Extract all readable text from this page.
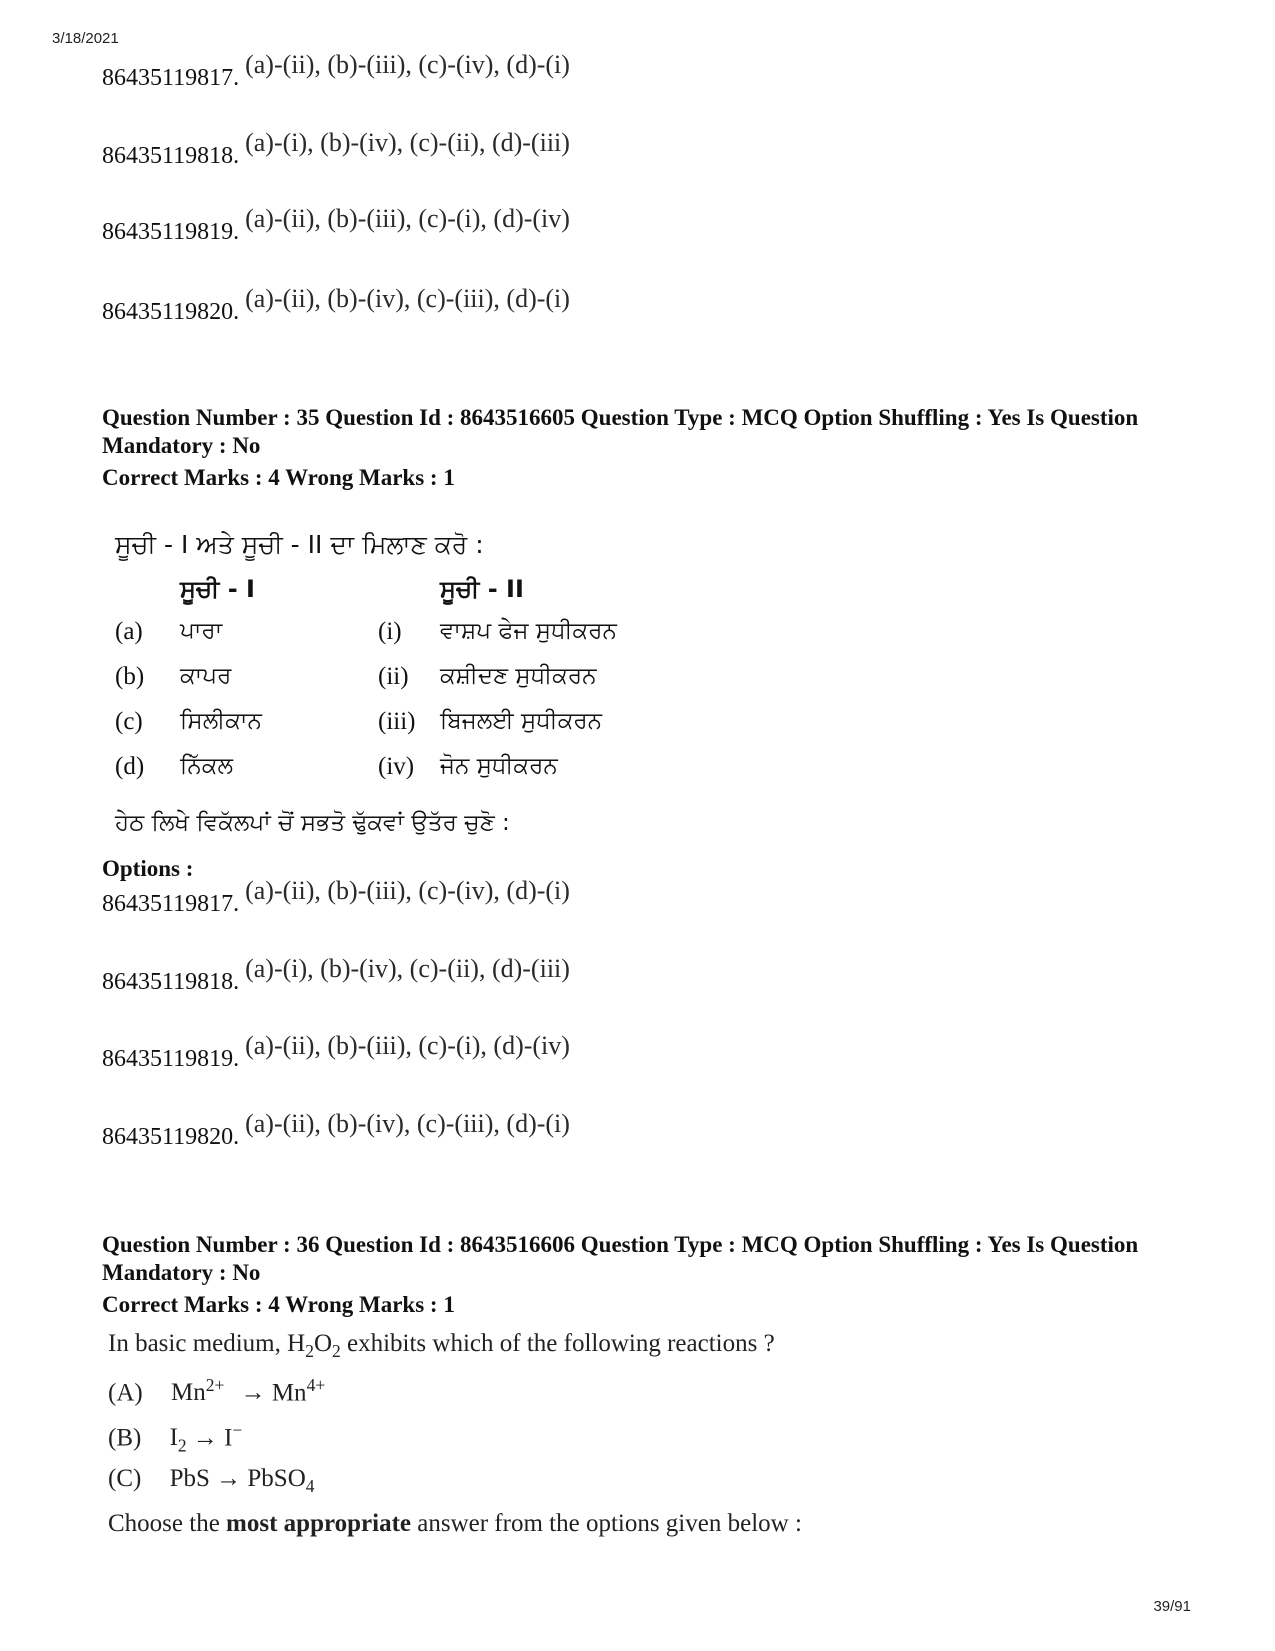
3/18/2021
86435119817. (a)-(ii), (b)-(iii), (c)-(iv), (d)-(i)
86435119818. (a)-(i), (b)-(iv), (c)-(ii), (d)-(iii)
86435119819. (a)-(ii), (b)-(iii), (c)-(i), (d)-(iv)
86435119820. (a)-(ii), (b)-(iv), (c)-(iii), (d)-(i)
Question Number : 35 Question Id : 8643516605 Question Type : MCQ Option Shuffling : Yes Is Question Mandatory : No
Correct Marks : 4 Wrong Marks : 1
ਸੂਚੀ - I ਅਤੇ ਸੂਚੀ - II ਦਾ ਮਿਲਾਣ ਕਰੋ :
ਸੂਚੀ - I	ਸੂਚੀ - II
(a) ਪਾਰਾ	(i) ਵਾਸ਼ਪ ਫੇਜ ਸੁਧੀਕਰਨ
(b) ਕਾਪਰ	(ii) ਕਸ਼ੀਦਣ ਸੁਧੀਕਰਨ
(c) ਸਿਲੀਕਾਨ	(iii) ਬਿਜਲਈ ਸੁਧੀਕਰਨ
(d) ਨਿੱਕਲ	(iv) ਜੋਨ ਸੁਧੀਕਰਨ
ਹੇਠ ਲਿਖੇ ਵਿਕੱਲਪਾਂ ਚੋਂ ਸਭਤੋ ਢੁੱਕਵਾਂ ਉਤੱਰ ਚੁਣੋ :
Options :
86435119817. (a)-(ii), (b)-(iii), (c)-(iv), (d)-(i)
86435119818. (a)-(i), (b)-(iv), (c)-(ii), (d)-(iii)
86435119819. (a)-(ii), (b)-(iii), (c)-(i), (d)-(iv)
86435119820. (a)-(ii), (b)-(iv), (c)-(iii), (d)-(i)
Question Number : 36 Question Id : 8643516606 Question Type : MCQ Option Shuffling : Yes Is Question Mandatory : No
Correct Marks : 4 Wrong Marks : 1
In basic medium, $H_2O_2$ exhibits which of the following reactions ?
(A) $Mn^{2+} \to Mn^{4+}$
(B) $I_2 \to I^-$
(C) PbS → PbSO$_4$
Choose the most appropriate answer from the options given below :
39/91
